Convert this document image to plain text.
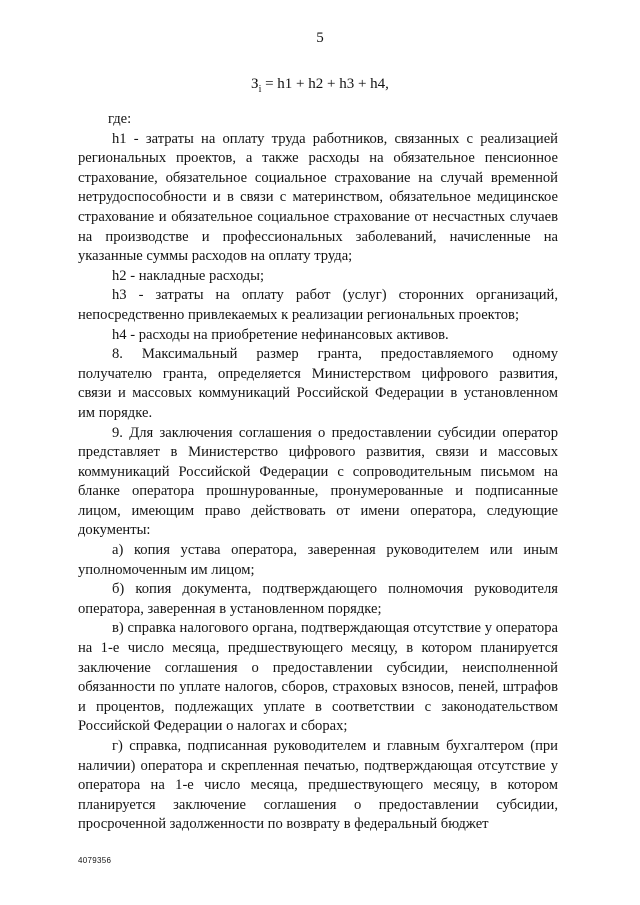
5
$З_i = h1 + h2 + h3 + h4$,

где:

h1 - затраты на оплату труда работников, связанных с реализацией региональных проектов, а также расходы на обязательное пенсионное страхование, обязательное социальное страхование на случай временной нетрудоспособности и в связи с материнством, обязательное медицинское страхование и обязательное социальное страхование от несчастных случаев на производстве и профессиональных заболеваний, начисленные на указанные суммы расходов на оплату труда;

h2 - накладные расходы;

h3 - затраты на оплату работ (услуг) сторонних организаций, непосредственно привлекаемых к реализации региональных проектов;

h4 - расходы на приобретение нефинансовых активов.

8. Максимальный размер гранта, предоставляемого одному получателю гранта, определяется Министерством цифрового развития, связи и массовых коммуникаций Российской Федерации в установленном им порядке.

9. Для заключения соглашения о предоставлении субсидии оператор представляет в Министерство цифрового развития, связи и массовых коммуникаций Российской Федерации с сопроводительным письмом на бланке оператора прошнурованные, пронумерованные и подписанные лицом, имеющим право действовать от имени оператора, следующие документы:

а) копия устава оператора, заверенная руководителем или иным уполномоченным им лицом;

б) копия документа, подтверждающего полномочия руководителя оператора, заверенная в установленном порядке;

в) справка налогового органа, подтверждающая отсутствие у оператора на 1-е число месяца, предшествующего месяцу, в котором планируется заключение соглашения о предоставлении субсидии, неисполненной обязанности по уплате налогов, сборов, страховых взносов, пеней, штрафов и процентов, подлежащих уплате в соответствии с законодательством Российской Федерации о налогах и сборах;

г) справка, подписанная руководителем и главным бухгалтером (при наличии) оператора и скрепленная печатью, подтверждающая отсутствие у оператора на 1-е число месяца, предшествующего месяцу, в котором планируется заключение соглашения о предоставлении субсидии, просроченной задолженности по возврату в федеральный бюджет

4079356
